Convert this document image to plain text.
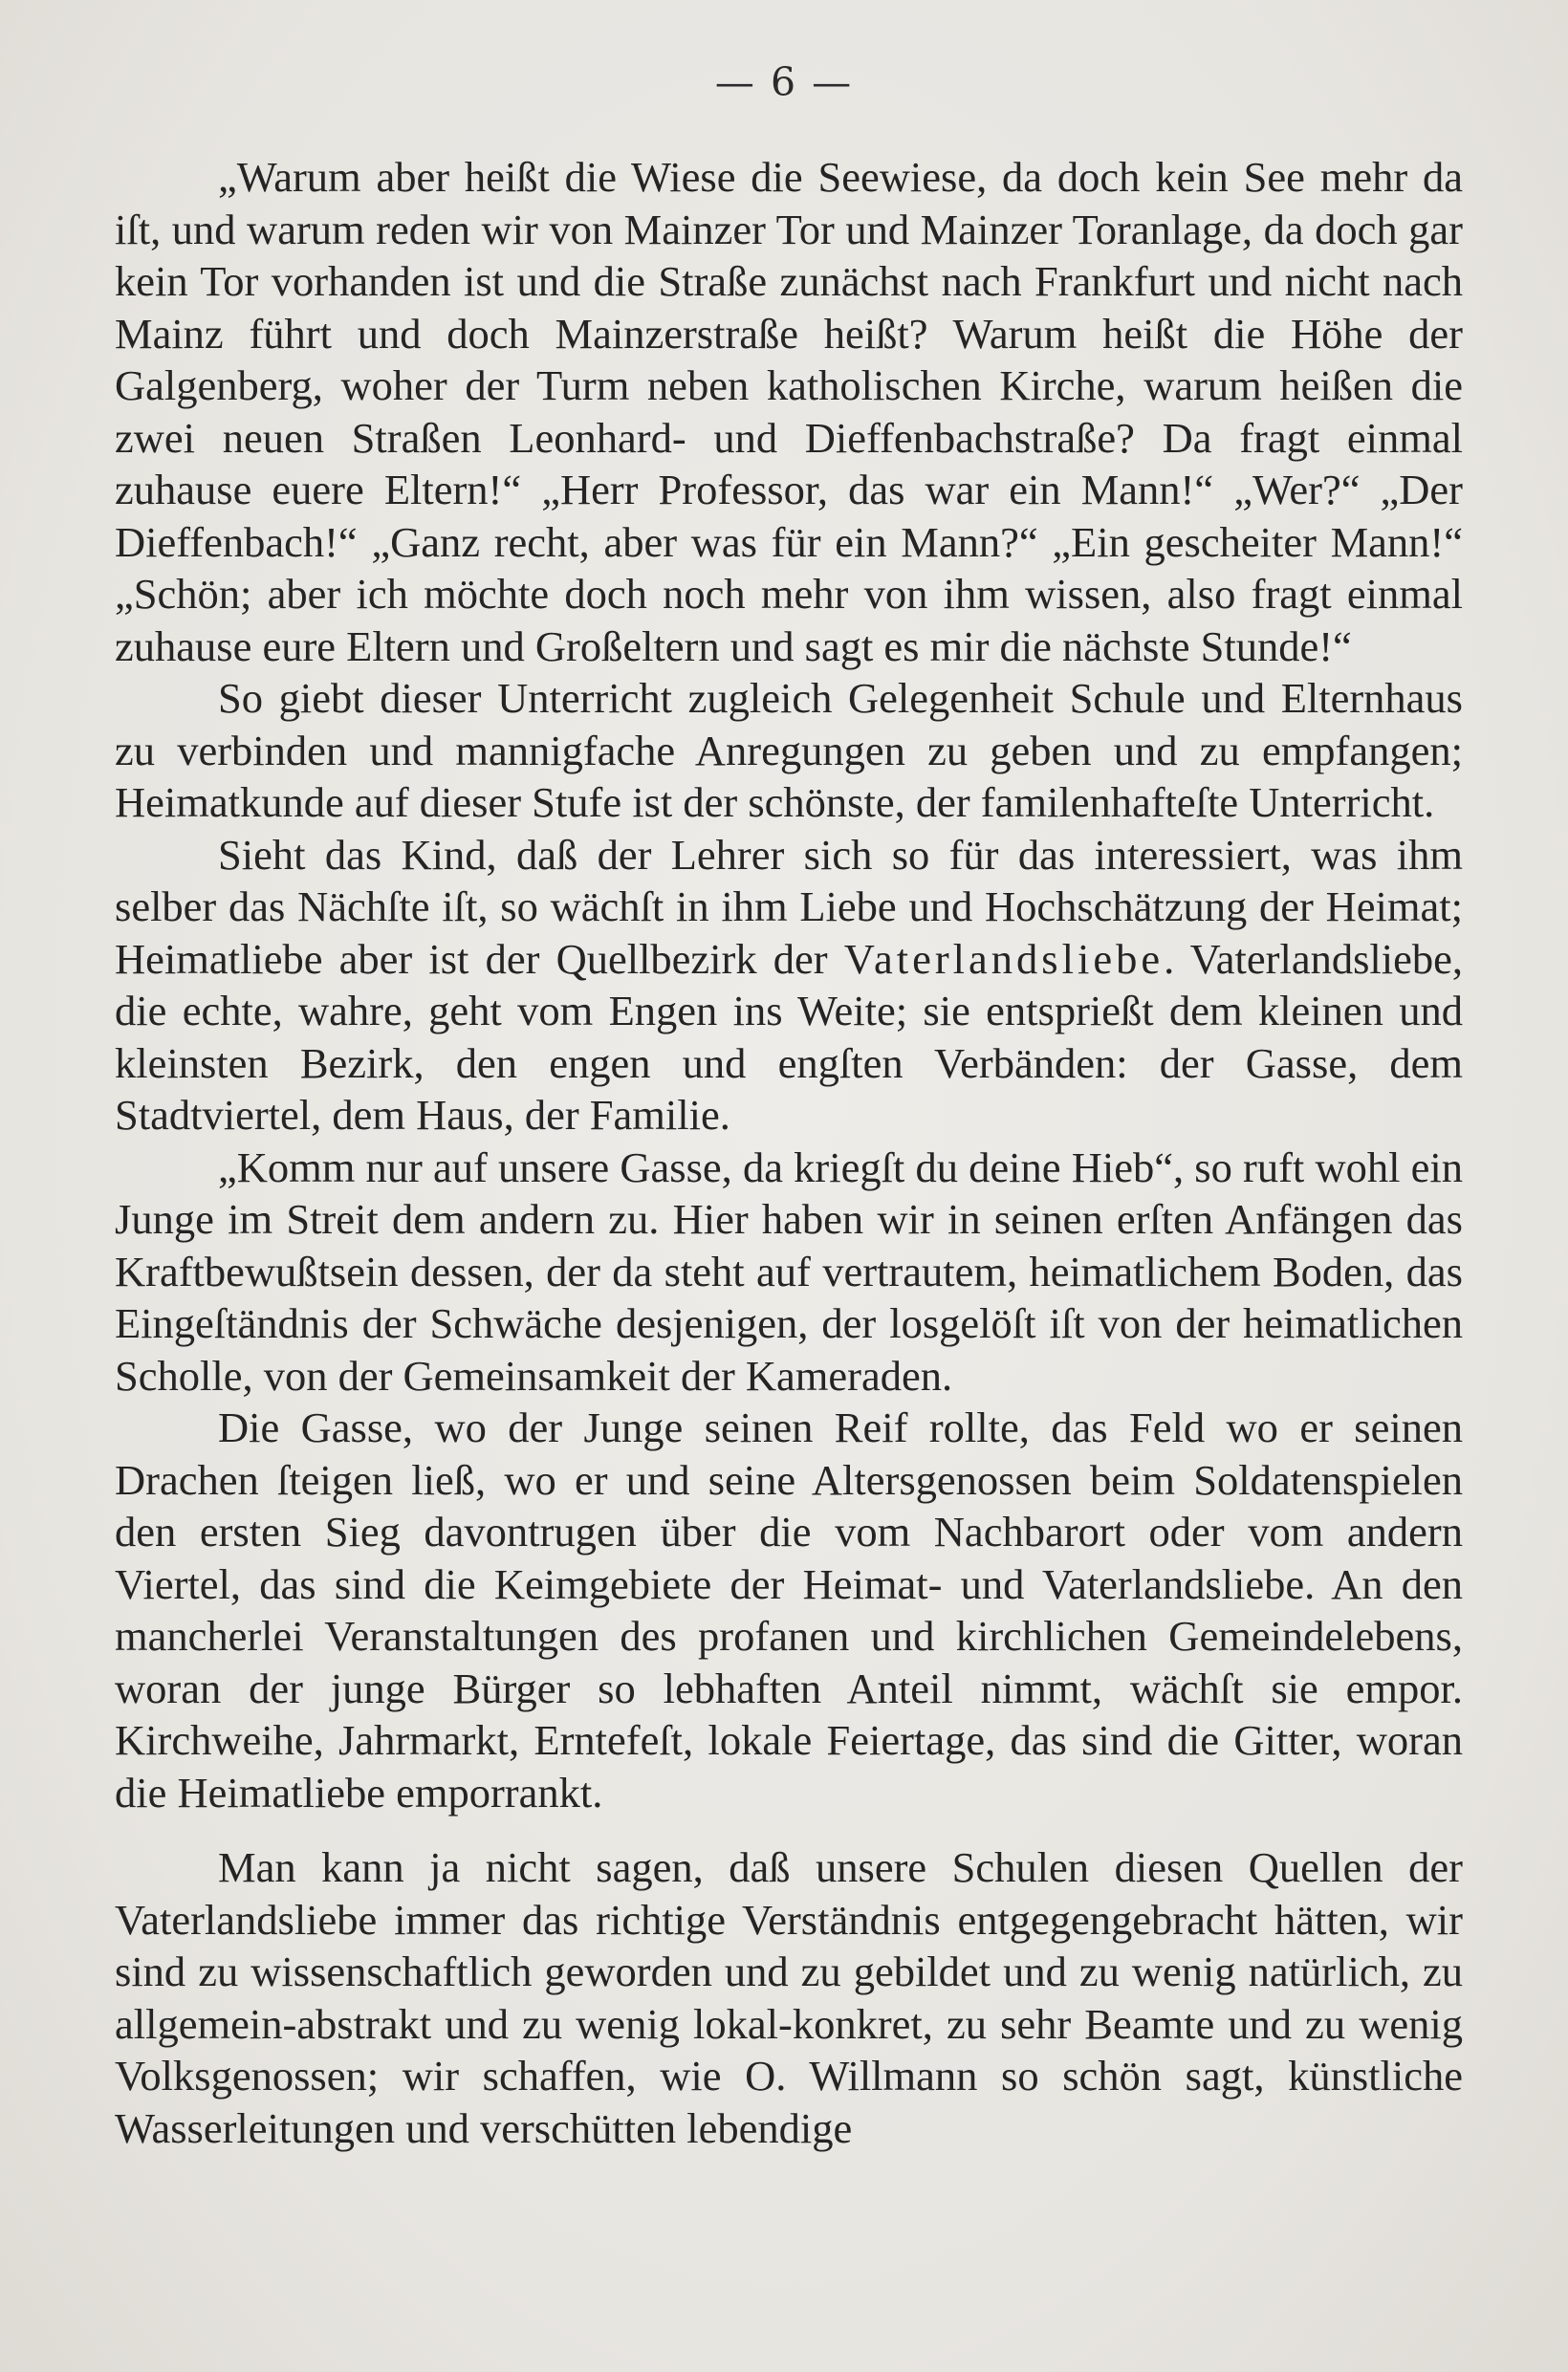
— 6 —

„Warum aber heißt die Wiese die Seewiese, da doch kein See mehr da iſt, und warum reden wir von Mainzer Tor und Mainzer Toranlage, da doch gar kein Tor vorhanden ist und die Straße zunächst nach Frankfurt und nicht nach Mainz führt und doch Mainzerstraße heißt? Warum heißt die Höhe der Galgenberg, woher der Turm neben katholischen Kirche, warum heißen die zwei neuen Straßen Leonhard- und Dieffenbachstraße? Da fragt einmal zuhause euere Eltern!“ „Herr Professor, das war ein Mann!“ „Wer?“ „Der Dieffenbach!“ „Ganz recht, aber was für ein Mann?“ „Ein gescheiter Mann!“ „Schön; aber ich möchte doch noch mehr von ihm wissen, also fragt einmal zuhause eure Eltern und Großeltern und sagt es mir die nächste Stunde!“

So giebt dieser Unterricht zugleich Gelegenheit Schule und Elternhaus zu verbinden und mannigfache Anregungen zu geben und zu empfangen; Heimatkunde auf dieser Stufe ist der schönste, der familenhafteſte Unterricht.

Sieht das Kind, daß der Lehrer sich so für das interessiert, was ihm selber das Nächſte iſt, so wächſt in ihm Liebe und Hochschätzung der Heimat; Heimatliebe aber ist der Quellbezirk der Vaterlandsliebe. Vaterlandsliebe, die echte, wahre, geht vom Engen ins Weite; sie entsprießt dem kleinen und kleinsten Bezirk, den engen und engſten Verbänden: der Gasse, dem Stadtviertel, dem Haus, der Familie.

„Komm nur auf unsere Gasse, da kriegſt du deine Hieb“, so ruft wohl ein Junge im Streit dem andern zu. Hier haben wir in seinen erſten Anfängen das Kraftbewußtsein dessen, der da steht auf vertrautem, heimatlichem Boden, das Eingeſtändnis der Schwäche desjenigen, der losgelöſt iſt von der heimatlichen Scholle, von der Gemeinsamkeit der Kameraden.

Die Gasse, wo der Junge seinen Reif rollte, das Feld wo er seinen Drachen ſteigen ließ, wo er und seine Altersgenossen beim Soldatenspielen den ersten Sieg davontrugen über die vom Nachbarort oder vom andern Viertel, das sind die Keimgebiete der Heimat- und Vaterlandsliebe. An den mancherlei Veranstaltungen des profanen und kirchlichen Gemeindelebens, woran der junge Bürger so lebhaften Anteil nimmt, wächſt sie empor. Kirchweihe, Jahrmarkt, Erntefeſt, lokale Feiertage, das sind die Gitter, woran die Heimatliebe emporrankt.

Man kann ja nicht sagen, daß unsere Schulen diesen Quellen der Vaterlandsliebe immer das richtige Verständnis entgegengebracht hätten, wir sind zu wissenschaftlich geworden und zu gebildet und zu wenig natürlich, zu allgemein-abstrakt und zu wenig lokal-konkret, zu sehr Beamte und zu wenig Volksgenossen; wir schaffen, wie O. Willmann so schön sagt, künstliche Wasserleitungen und verschütten lebendige
